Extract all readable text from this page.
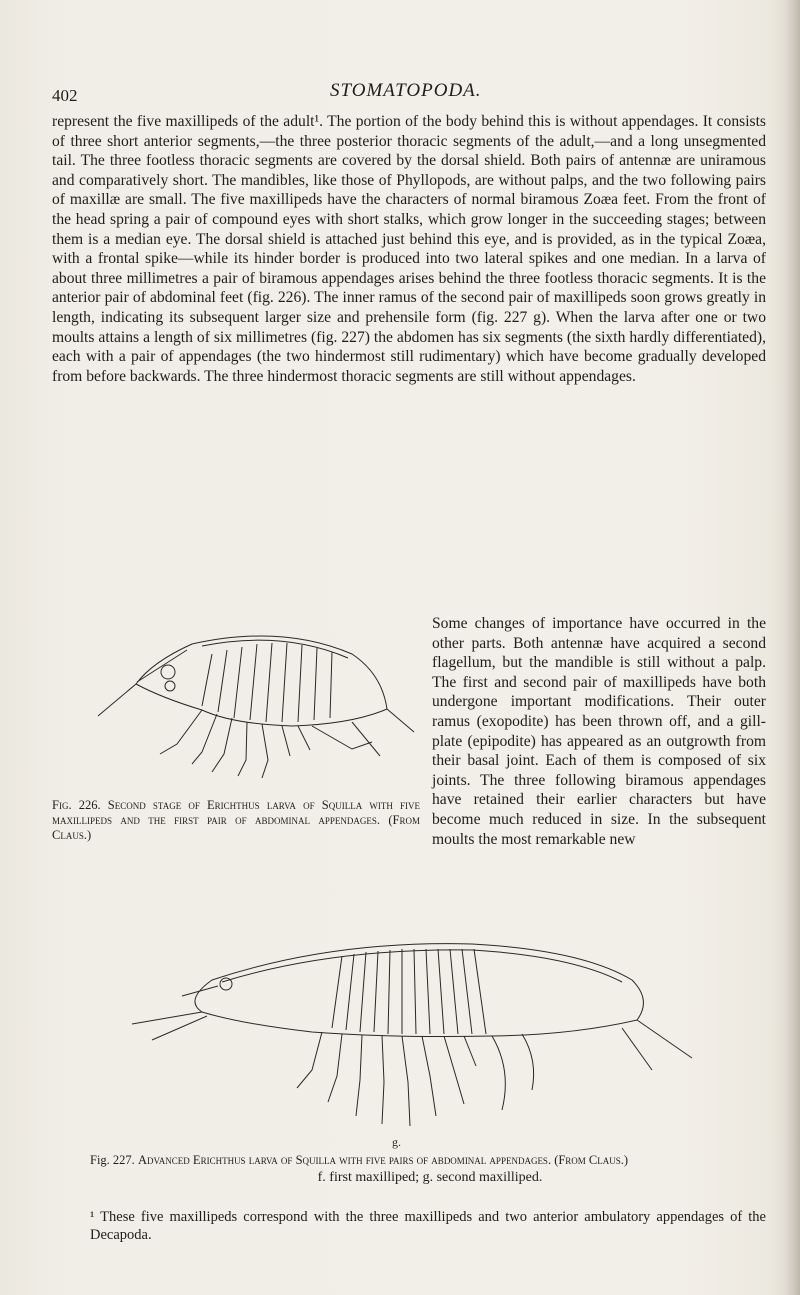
402	STOMATOPODA.

represent the five maxillipeds of the adult¹. The portion of the body behind this is without appendages. It consists of three short anterior segments,—the three posterior thoracic segments of the adult,—and a long unsegmented tail. The three footless thoracic segments are covered by the dorsal shield. Both pairs of antennæ are uniramous and comparatively short. The mandibles, like those of Phyllopods, are without palps, and the two following pairs of maxillæ are small. The five maxillipeds have the characters of normal biramous Zoæa feet. From the front of the head spring a pair of compound eyes with short stalks, which grow longer in the succeeding stages; between them is a median eye. The dorsal shield is attached just behind this eye, and is provided, as in the typical Zoæa, with a frontal spike—while its hinder border is produced into two lateral spikes and one median. In a larva of about three millimetres a pair of biramous appendages arises behind the three footless thoracic segments. It is the anterior pair of abdominal feet (fig. 226). The inner ramus of the second pair of maxillipeds soon grows greatly in length, indicating its subsequent larger size and prehensile form (fig. 227 g). When the larva after one or two moults attains a length of six millimetres (fig. 227) the abdomen has six segments (the sixth hardly differentiated), each with a pair of appendages (the two hindermost still rudimentary) which have become gradually developed from before backwards. The three hindermost thoracic segments are still without appendages.

Fig. 226. Second stage of Erichthus larva of Squilla with five maxillipeds and the first pair of abdominal appendages. (From Claus.)
Some changes of importance have occurred in the other parts. Both antennæ have acquired a second flagellum, but the mandible is still without a palp. The first and second pair of maxillipeds have both undergone important modifications. Their outer ramus (exopodite) has been thrown off, and a gill-plate (epipodite) has appeared as an outgrowth from their basal joint. Each of them is composed of six joints. The three following biramous appendages have retained their earlier characters but have become much reduced in size. In the subsequent moults the most remarkable new
g.
Fig. 227. Advanced Erichthus larva of Squilla with five pairs of abdominal appendages. (From Claus.)
f. first maxilliped; g. second maxilliped.
¹ These five maxillipeds correspond with the three maxillipeds and two anterior ambulatory appendages of the Decapoda.
